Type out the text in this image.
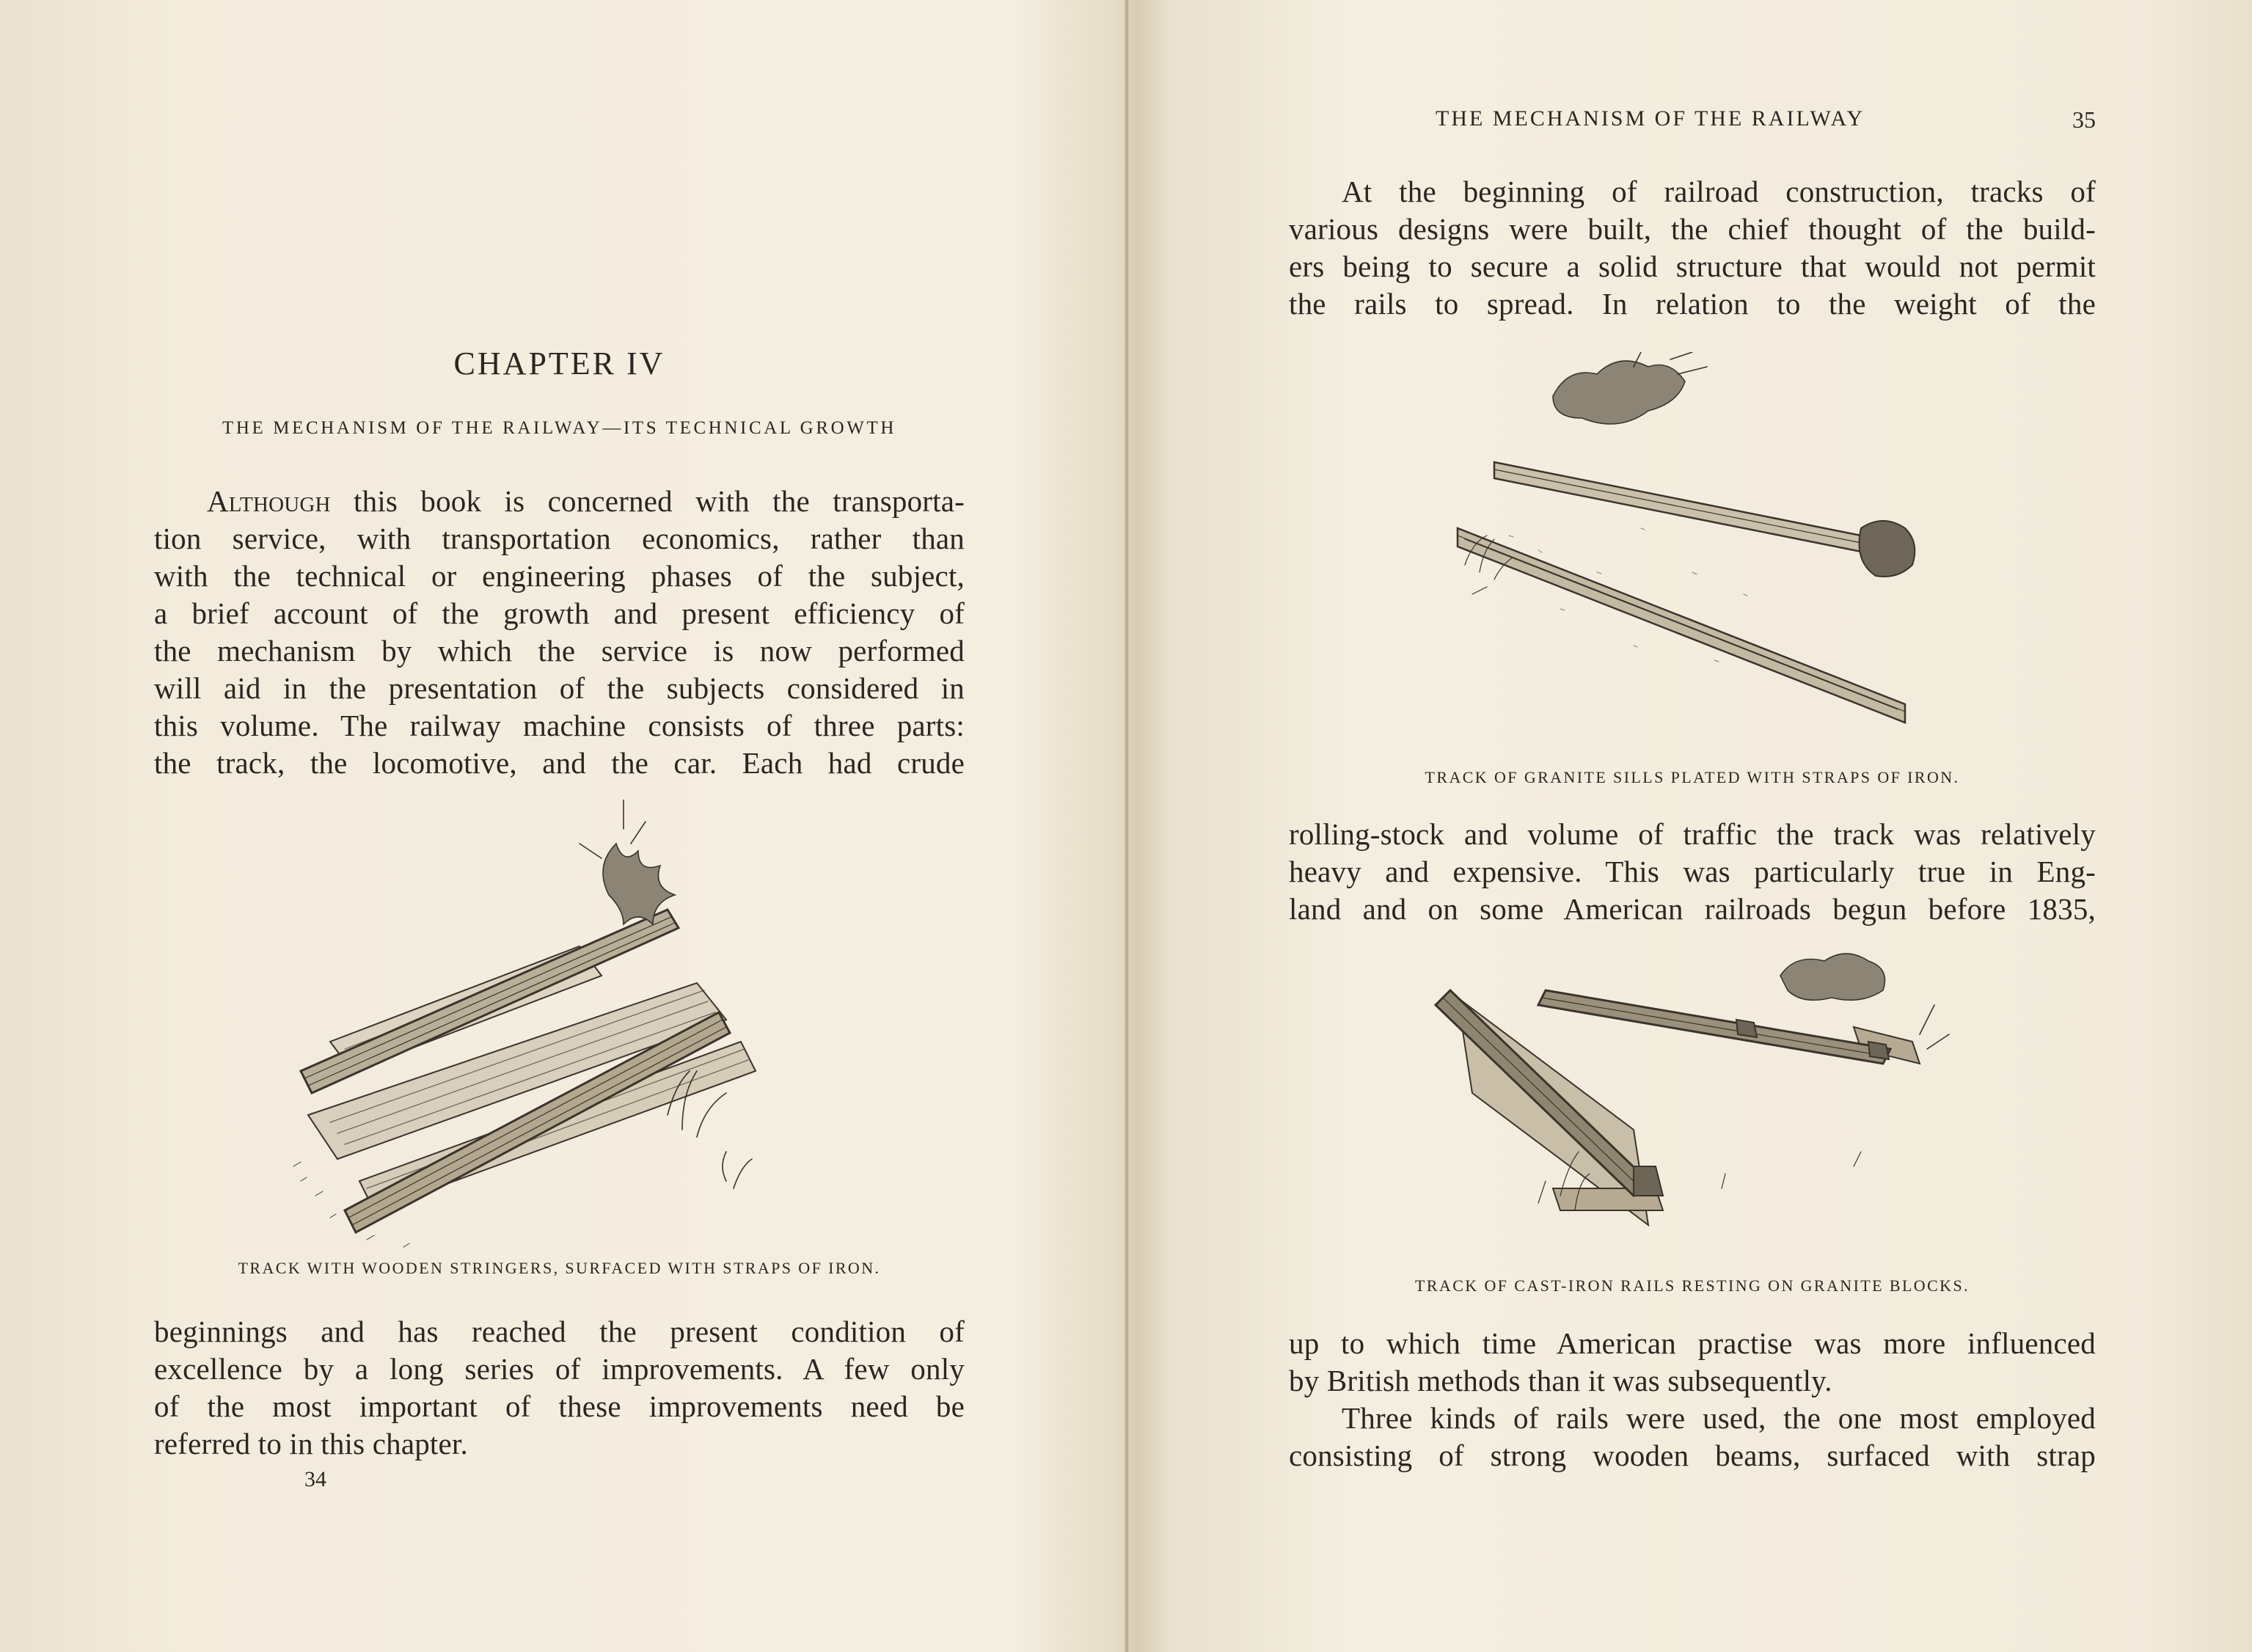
CHAPTER IV
THE MECHANISM OF THE RAILWAY—ITS TECHNICAL GROWTH

Although this book is concerned with the transporta-

tion service, with transportation economics, rather than

with the technical or engineering phases of the subject,

a brief account of the growth and present efficiency of

the mechanism by which the service is now performed

will aid in the presentation of the subjects considered in

this volume. The railway machine consists of three parts:

the track, the locomotive, and the car. Each had crude

TRACK WITH WOODEN STRINGERS, SURFACED WITH STRAPS OF IRON.

beginnings and has reached the present condition of

excellence by a long series of improvements. A few only

of the most important of these improvements need be

referred to in this chapter.

34
THE MECHANISM OF THE RAILWAY	35

At the beginning of railroad construction, tracks of

various designs were built, the chief thought of the build-

ers being to secure a solid structure that would not permit

the rails to spread. In relation to the weight of the

TRACK OF GRANITE SILLS PLATED WITH STRAPS OF IRON.

rolling-stock and volume of traffic the track was relatively

heavy and expensive. This was particularly true in Eng-

land and on some American railroads begun before 1835,

TRACK OF CAST-IRON RAILS RESTING ON GRANITE BLOCKS.

up to which time American practise was more influenced

by British methods than it was subsequently.

Three kinds of rails were used, the one most employed

consisting of strong wooden beams, surfaced with strap
